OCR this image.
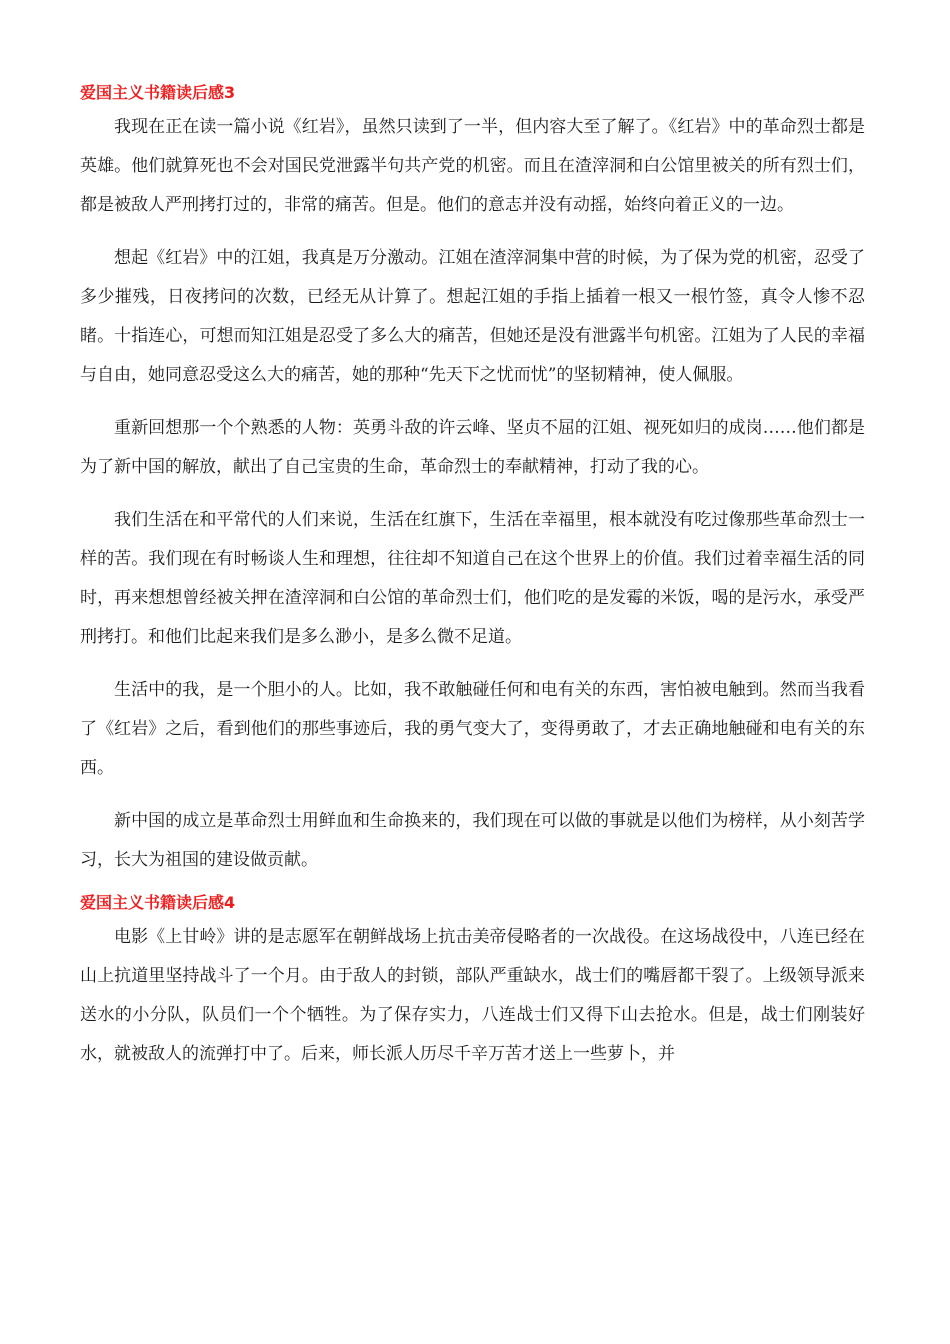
爱国主义书籍读后感3

我现在正在读一篇小说《红岩》，虽然只读到了一半，但内容大至了解了。《红岩》中的革命烈士都是英雄。他们就算死也不会对国民党泄露半句共产党的机密。而且在渣滓洞和白公馆里被关的所有烈士们，都是被敌人严刑拷打过的，非常的痛苦。但是。他们的意志并没有动摇，始终向着正义的一边。

想起《红岩》中的江姐，我真是万分激动。江姐在渣滓洞集中营的时候，为了保为党的机密，忍受了多少摧残，日夜拷问的次数，已经无从计算了。想起江姐的手指上插着一根又一根竹签，真令人惨不忍睹。十指连心，可想而知江姐是忍受了多么大的痛苦，但她还是没有泄露半句机密。江姐为了人民的幸福与自由，她同意忍受这么大的痛苦，她的那种“先天下之忧而忧”的坚韧精神，使人佩服。

重新回想那一个个熟悉的人物：英勇斗敌的许云峰、坚贞不屈的江姐、视死如归的成岗……他们都是为了新中国的解放，献出了自己宝贵的生命，革命烈士的奉献精神，打动了我的心。

我们生活在和平常代的人们来说，生活在红旗下，生活在幸福里，根本就没有吃过像那些革命烈士一样的苦。我们现在有时畅谈人生和理想，往往却不知道自己在这个世界上的价值。我们过着幸福生活的同时，再来想想曾经被关押在渣滓洞和白公馆的革命烈士们，他们吃的是发霉的米饭，喝的是污水，承受严刑拷打。和他们比起来我们是多么渺小，是多么微不足道。

生活中的我，是一个胆小的人。比如，我不敢触碰任何和电有关的东西，害怕被电触到。然而当我看了《红岩》之后，看到他们的那些事迹后，我的勇气变大了，变得勇敢了，才去正确地触碰和电有关的东西。

新中国的成立是革命烈士用鲜血和生命换来的，我们现在可以做的事就是以他们为榜样，从小刻苦学习，长大为祖国的建设做贡献。

爱国主义书籍读后感4

电影《上甘岭》讲的是志愿军在朝鲜战场上抗击美帝侵略者的一次战役。在这场战役中，八连已经在山上抗道里坚持战斗了一个月。由于敌人的封锁，部队严重缺水，战士们的嘴唇都干裂了。上级领导派来送水的小分队，队员们一个个牺牲。为了保存实力，八连战士们又得下山去抢水。但是，战士们刚装好水，就被敌人的流弹打中了。后来，师长派人历尽千辛万苦才送上一些萝卜，并
